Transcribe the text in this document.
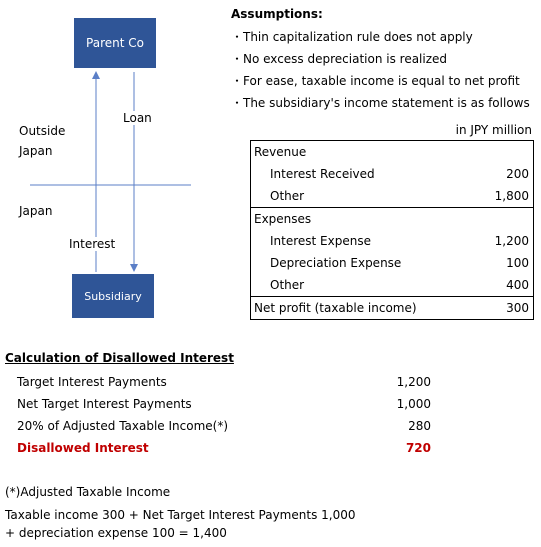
Parent Co
Subsidiary
Loan
Interest
Outside
Japan
Japan
Assumptions:
・Thin capitalization rule does not apply
・No excess depreciation is realized
・For ease, taxable income is equal to net profit
・The subsidiary's income statement is as follows
in JPY million
Revenue	
Interest Received	200
Other	1,800
Expenses	
Interest Expense	1,200
Depreciation Expense	100
Other	400
Net profit (taxable income)	300
Calculation of Disallowed Interest
Target Interest Payments	1,200
Net Target Interest Payments	1,000
20% of Adjusted Taxable Income(*)	280
Disallowed Interest	720
(*)Adjusted Taxable Income
Taxable income 300 + Net Target Interest Payments 1,000
+ depreciation expense 100 = 1,400
